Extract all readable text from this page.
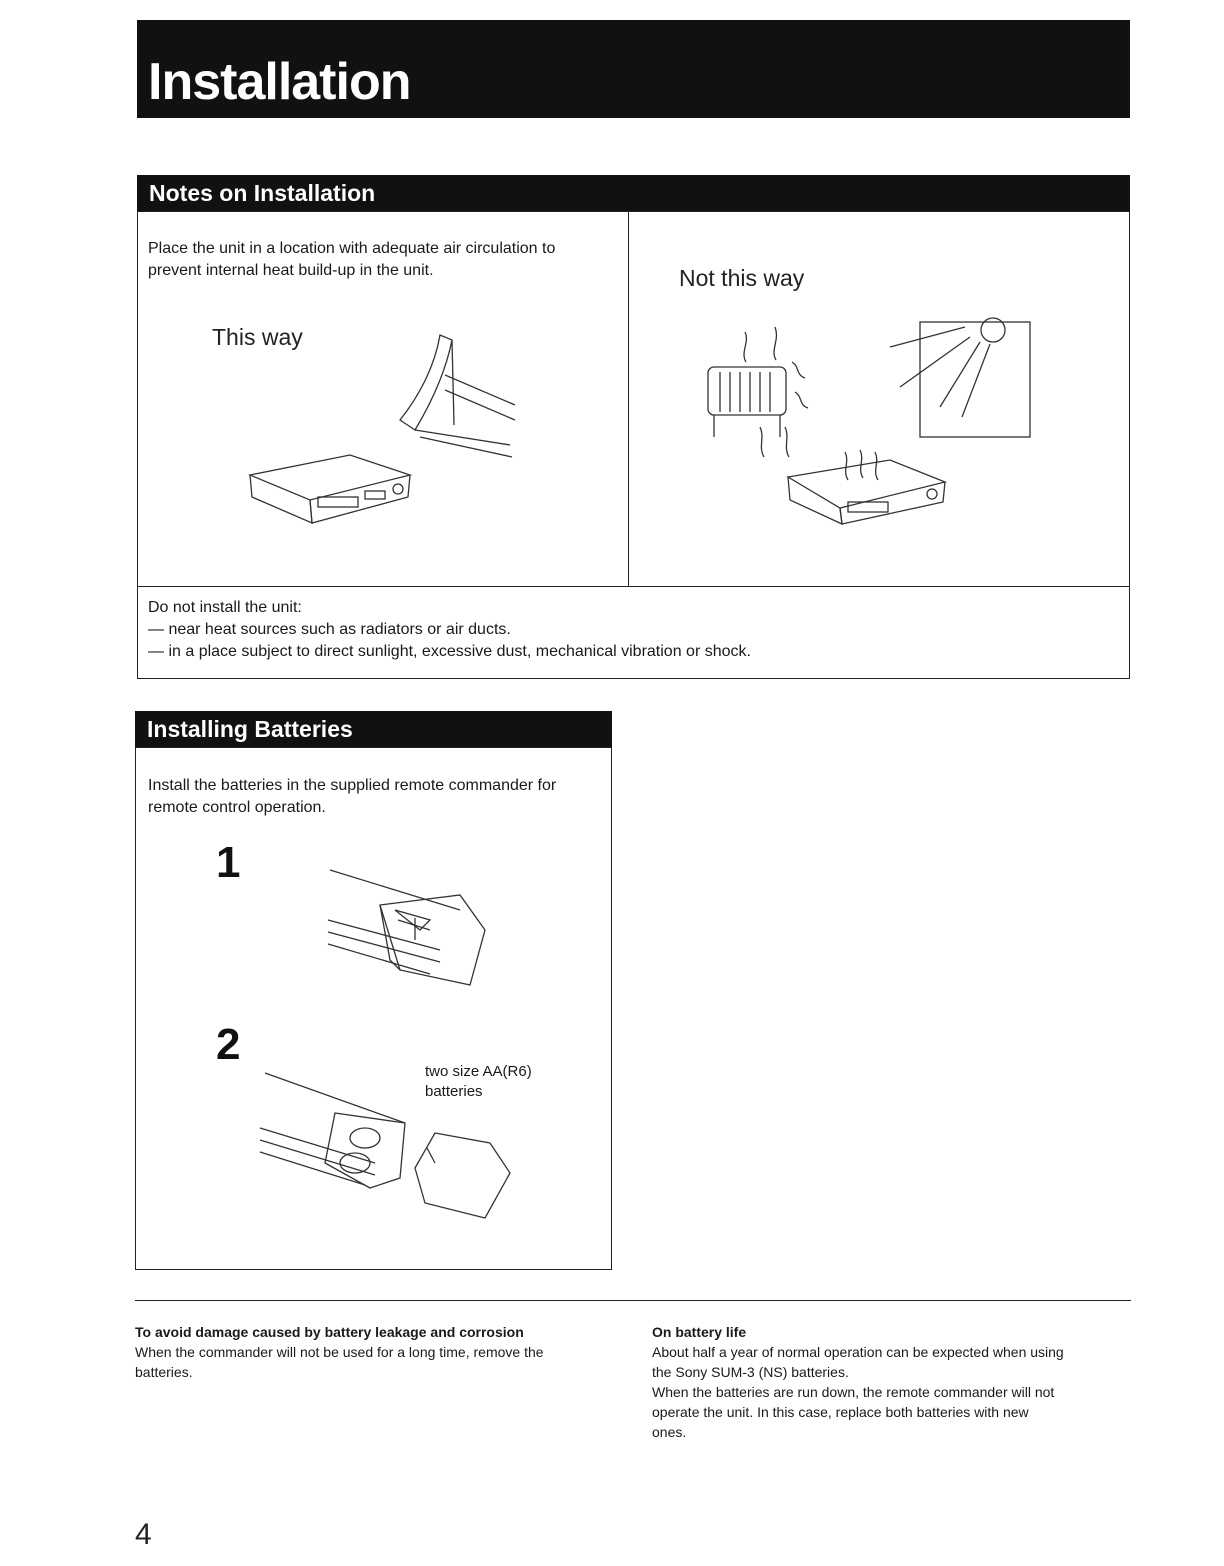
Installation
Notes on Installation
Place the unit in a location with adequate air circulation to
prevent internal heat build-up in the unit.
This way
Not this way
Do not install the unit:
— near heat sources such as radiators or air ducts.
— in a place subject to direct sunlight, excessive dust, mechanical vibration or shock.
Installing Batteries
Install the batteries in the supplied remote commander for
remote control operation.
1
2
two size AA(R6)
batteries
To avoid damage caused by battery leakage and corrosion
When the commander will not be used for a long time, remove the
batteries.
On battery life
About half a year of normal operation can be expected when using
the Sony SUM-3 (NS) batteries.
When the batteries are run down, the remote commander will not
operate the unit. In this case, replace both batteries with new
ones.
4
